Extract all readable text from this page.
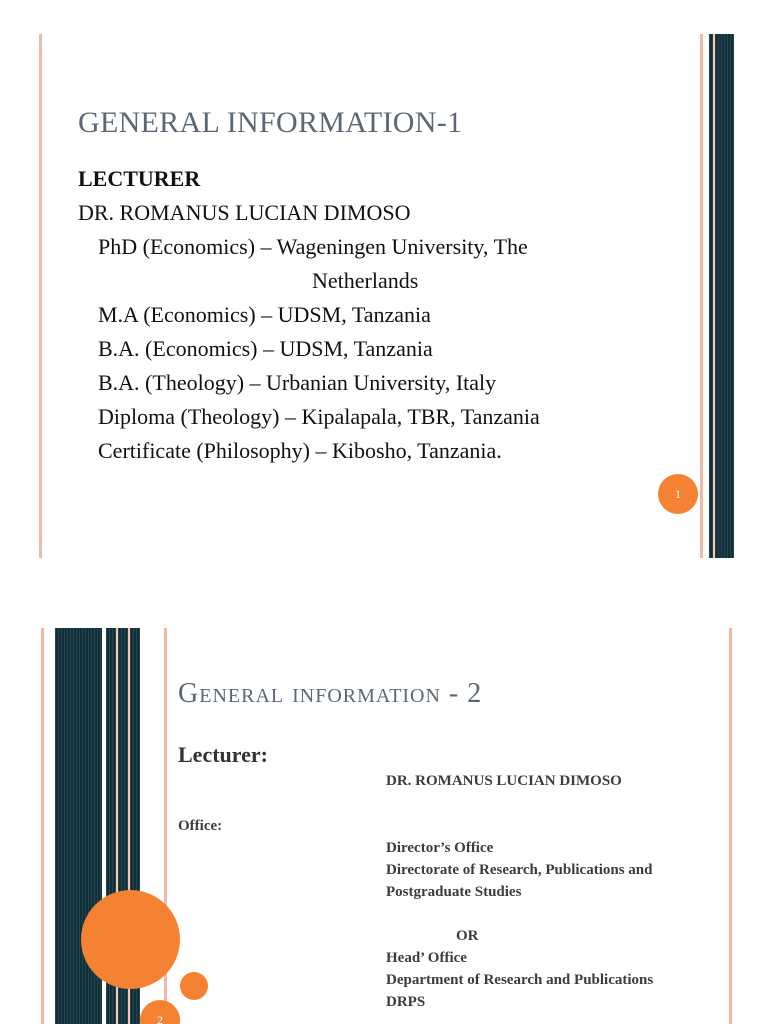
GENERAL INFORMATION-1
LECTURER
DR. ROMANUS LUCIAN DIMOSO
PhD (Economics) – Wageningen University, The
Netherlands
M.A (Economics) – UDSM, Tanzania
B.A. (Economics) – UDSM, Tanzania
B.A. (Theology) – Urbanian University, Italy
Diploma (Theology) – Kipalapala, TBR, Tanzania
Certificate (Philosophy) – Kibosho, Tanzania.
1
General information - 2
Lecturer:
DR. ROMANUS LUCIAN DIMOSO
Office:
Director’s Office
Directorate of Research, Publications and
Postgraduate Studies

OR
Head’ Office
Department of Research and Publications
DRPS
2
